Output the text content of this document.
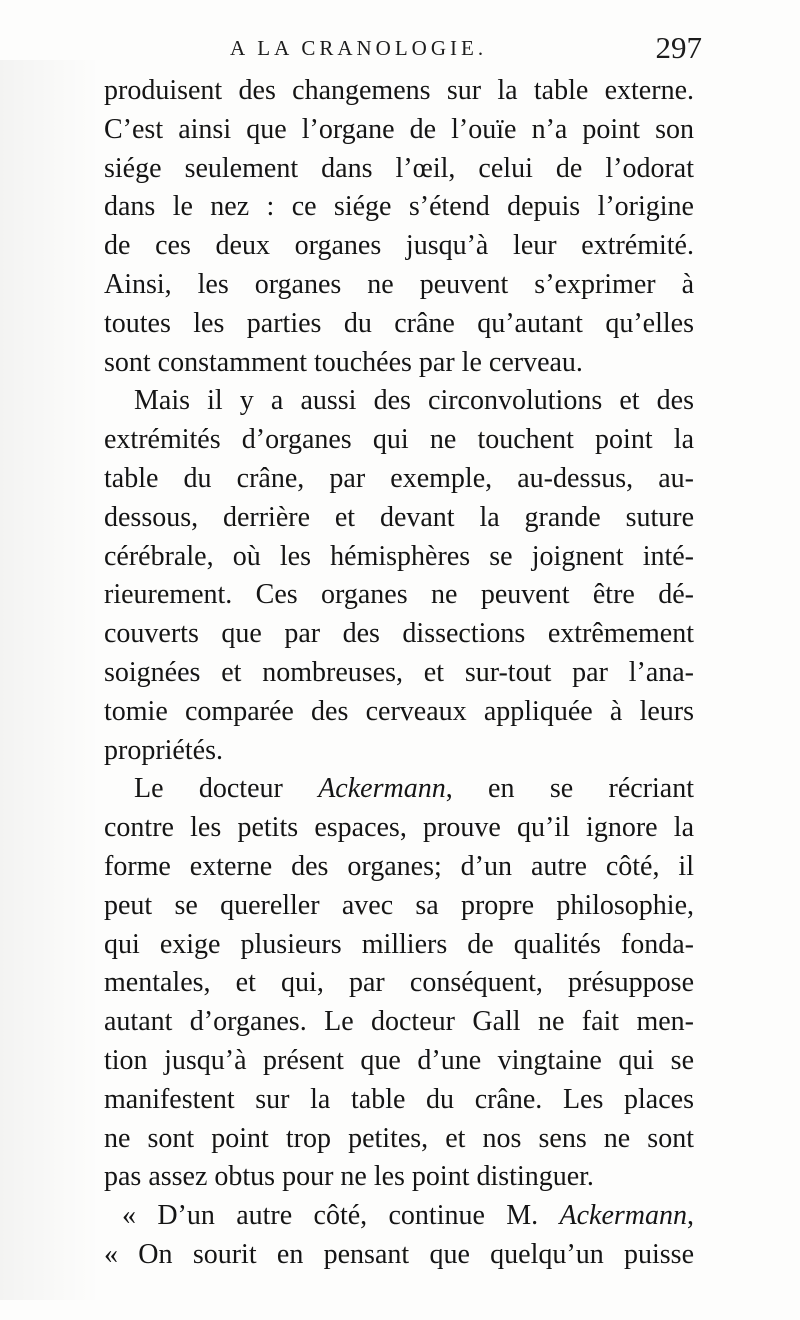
A LA CRANOLOGIE.	297
produisent des changemens sur la table externe.
C’est ainsi que l’organe de l’ouïe n’a point son
siége seulement dans l’œil, celui de l’odorat
dans le nez : ce siége s’étend depuis l’origine
de ces deux organes jusqu’à leur extrémité.
Ainsi, les organes ne peuvent s’exprimer à
toutes les parties du crâne qu’autant qu’elles
sont constamment touchées par le cerveau.
Mais il y a aussi des circonvolutions et des
extrémités d’organes qui ne touchent point la
table du crâne, par exemple, au-dessus, au-
dessous, derrière et devant la grande suture
cérébrale, où les hémisphères se joignent inté-
rieurement. Ces organes ne peuvent être dé-
couverts que par des dissections extrêmement
soignées et nombreuses, et sur-tout par l’ana-
tomie comparée des cerveaux appliquée à leurs
propriétés.
Le docteur Ackermann, en se récriant
contre les petits espaces, prouve qu’il ignore la
forme externe des organes; d’un autre côté, il
peut se quereller avec sa propre philosophie,
qui exige plusieurs milliers de qualités fonda-
mentales, et qui, par conséquent, présuppose
autant d’organes. Le docteur Gall ne fait men-
tion jusqu’à présent que d’une vingtaine qui se
manifestent sur la table du crâne. Les places
ne sont point trop petites, et nos sens ne sont
pas assez obtus pour ne les point distinguer.
« D’un autre côté, continue M. Ackermann,
« On sourit en pensant que quelqu’un puisse
